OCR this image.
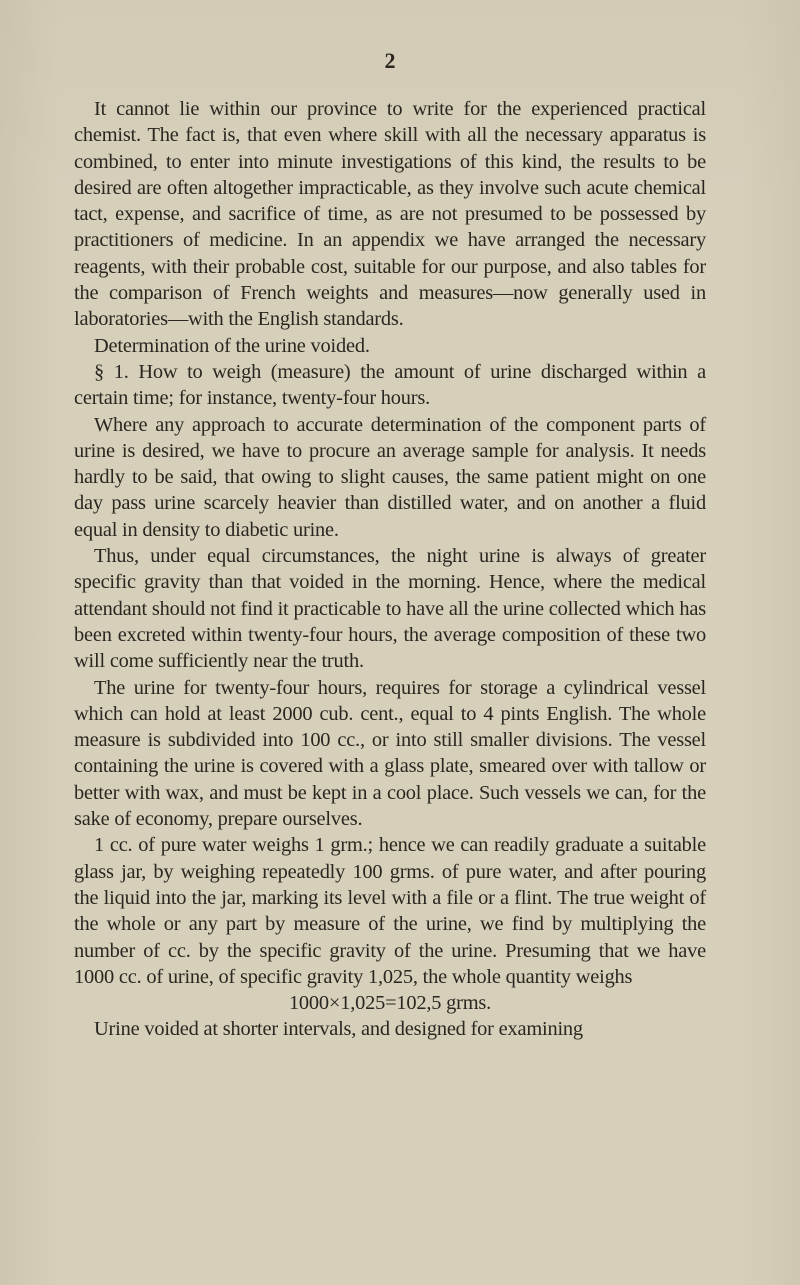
2

It cannot lie within our province to write for the experienced practical chemist. The fact is, that even where skill with all the necessary apparatus is combined, to enter into minute investigations of this kind, the results to be desired are often altogether impracticable, as they involve such acute chemical tact, expense, and sacrifice of time, as are not presumed to be possessed by practitioners of medicine. In an appendix we have arranged the necessary reagents, with their probable cost, suitable for our purpose, and also tables for the comparison of French weights and measures—now generally used in laboratories—with the English standards.

Determination of the urine voided.

§ 1. How to weigh (measure) the amount of urine discharged within a certain time; for instance, twenty-four hours.

Where any approach to accurate determination of the component parts of urine is desired, we have to procure an average sample for analysis. It needs hardly to be said, that owing to slight causes, the same patient might on one day pass urine scarcely heavier than distilled water, and on another a fluid equal in density to diabetic urine.

Thus, under equal circumstances, the night urine is always of greater specific gravity than that voided in the morning. Hence, where the medical attendant should not find it practicable to have all the urine collected which has been excreted within twenty-four hours, the average composition of these two will come sufficiently near the truth.

The urine for twenty-four hours, requires for storage a cylindrical vessel which can hold at least 2000 cub. cent., equal to 4 pints English. The whole measure is subdivided into 100 cc., or into still smaller divisions. The vessel containing the urine is covered with a glass plate, smeared over with tallow or better with wax, and must be kept in a cool place. Such vessels we can, for the sake of economy, prepare ourselves.

1 cc. of pure water weighs 1 grm.; hence we can readily graduate a suitable glass jar, by weighing repeatedly 100 grms. of pure water, and after pouring the liquid into the jar, marking its level with a file or a flint. The true weight of the whole or any part by measure of the urine, we find by multiplying the number of cc. by the specific gravity of the urine. Presuming that we have 1000 cc. of urine, of specific gravity 1,025, the whole quantity weighs

1000×1,025=102,5 grms.

Urine voided at shorter intervals, and designed for examining
